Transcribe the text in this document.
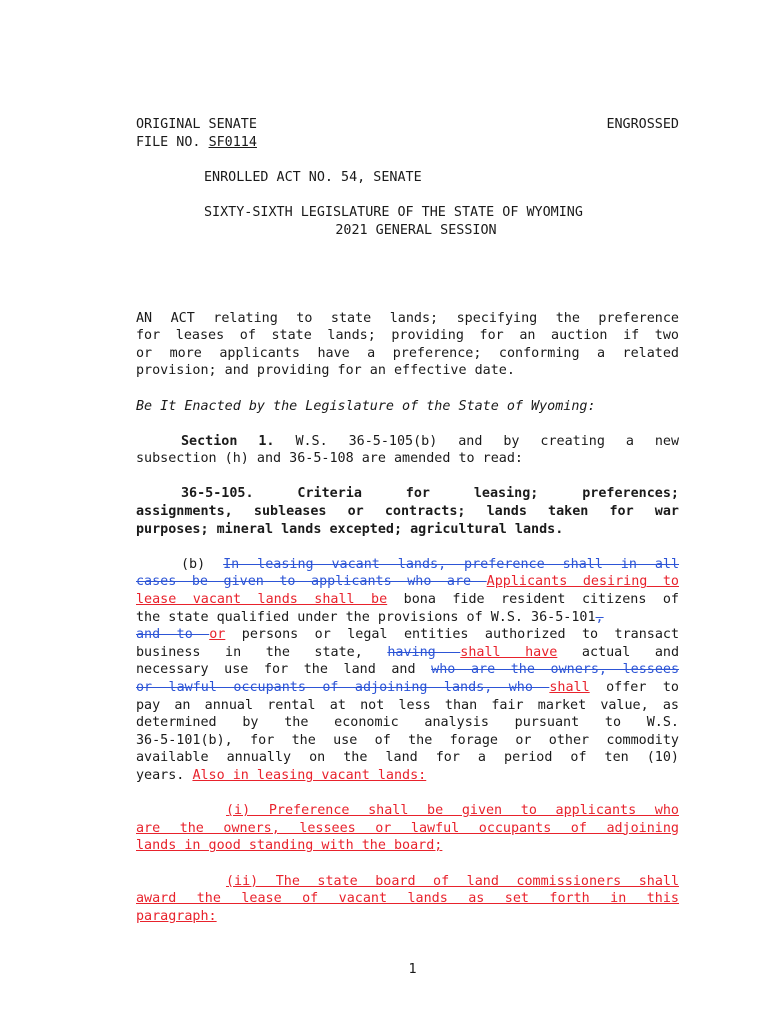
ORIGINAL SENATE	ENGROSSED
FILE NO. SF0114
ENROLLED ACT NO. 54, SENATE
SIXTY-SIXTH LEGISLATURE OF THE STATE OF WYOMING
2021 GENERAL SESSION
AN ACT relating to state lands; specifying the preference
for leases of state lands; providing for an auction if two
or more applicants have a preference; conforming a related
provision; and providing for an effective date.
Be It Enacted by the Legislature of the State of Wyoming:
Section 1. W.S. 36-5-105(b) and by creating a new
subsection (h) and 36-5-108 are amended to read:
36-5-105. Criteria for leasing; preferences;
assignments, subleases or contracts; lands taken for war
purposes; mineral lands excepted; agricultural lands.
(b) In leasing vacant lands, preference shall in all
cases be given to applicants who are Applicants desiring to
lease vacant lands shall be bona fide resident citizens of
the state qualified under the provisions of W.S. 36-5-101,
and to or persons or legal entities authorized to transact
business in the state, having shall have actual and
necessary use for the land and who are the owners, lessees
or lawful occupants of adjoining lands, who shall offer to
pay an annual rental at not less than fair market value, as
determined by the economic analysis pursuant to W.S.
36-5-101(b), for the use of the forage or other commodity
available annually on the land for a period of ten (10)
years. Also in leasing vacant lands:
(i) Preference shall be given to applicants who
are the owners, lessees or lawful occupants of adjoining
lands in good standing with the board;
(ii) The state board of land commissioners shall
award the lease of vacant lands as set forth in this
paragraph:
1
